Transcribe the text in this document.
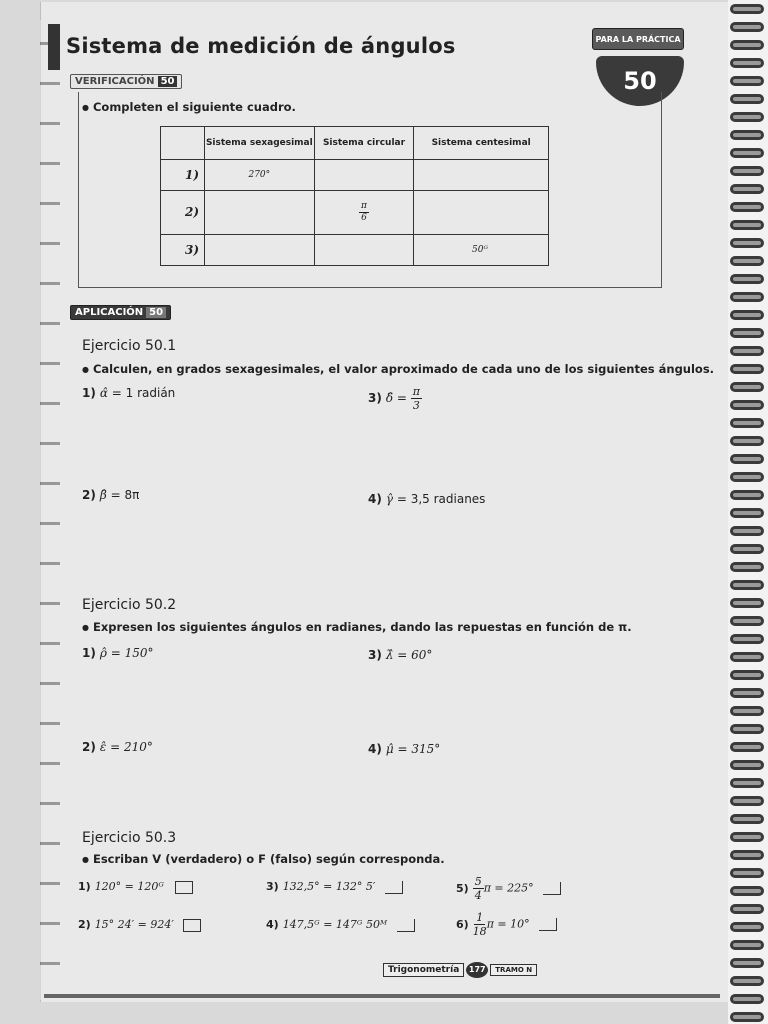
Sistema de medición de ángulos	PARA LA PRÁCTICA
50
VERIFICACIÓN 50
● Completen el siguiente cuadro.
	Sistema sexagesimal	Sistema circular	Sistema centesimal
1)	270°		
2)		$\frac{\pi}{6}$

3)			50ᴳ
APLICACIÓN 50
Ejercicio 50.1
● Calculen, en grados sexagesimales, el valor aproximado de cada uno de los siguientes ángulos.
1) α̂ = 1 radián	3) δ̂ = $\frac{\pi}{3}$
2) β̂ = 8π	4) γ̂ = 3,5 radianes
Ejercicio 50.2
● Expresen los siguientes ángulos en radianes, dando las repuestas en función de π.
1) ρ̂ = 150°	3) λ̂ = 60°
2) ε̂ = 210°	4) μ̂ = 315°
Ejercicio 50.3
● Escriban V (verdadero) o F (falso) según corresponda.
1) 120° = 120ᴳ	3) 132,5° = 132° 5′	$5) \frac{5}{4}$ π = 225°
2) 15° 24′ = 924′	4) 147,5ᴳ = 147ᴳ 50ᴹ	$6) \frac{1}{18}$ π = 10°
Trigonometría	177	TRAMO N
